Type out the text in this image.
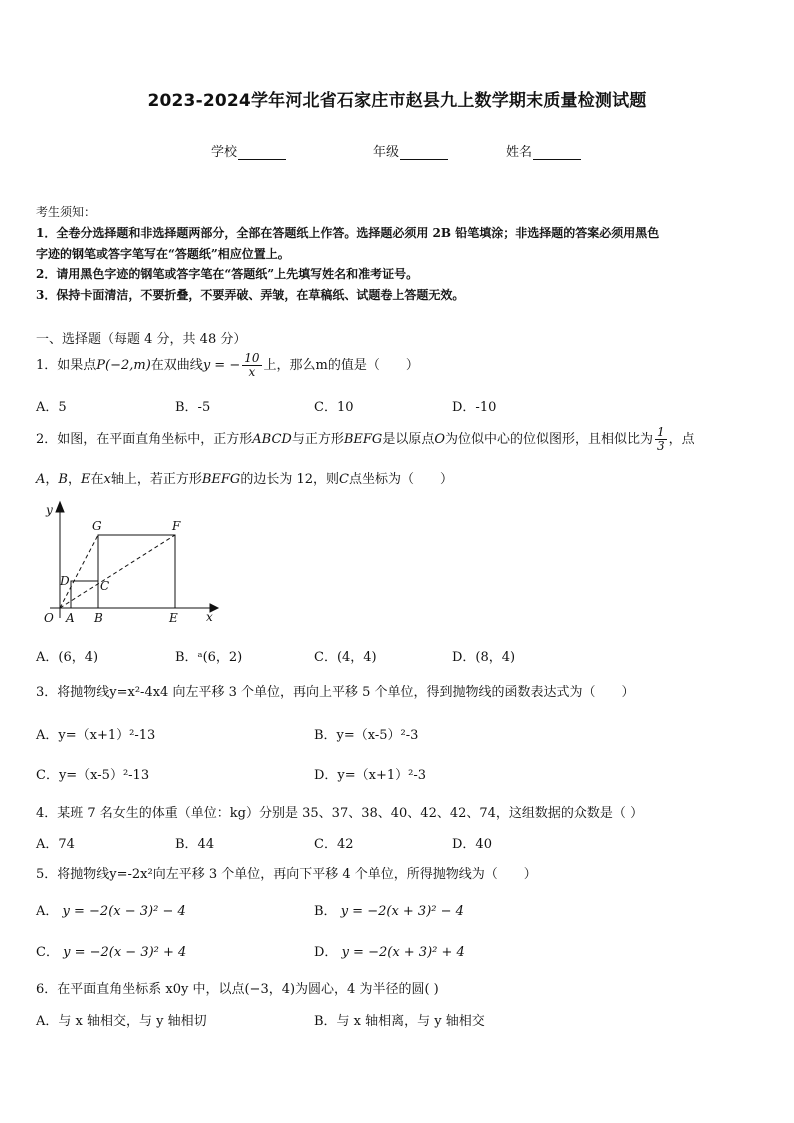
2023-2024学年河北省石家庄市赵县九上数学期末质量检测试题
学校	年级	姓名
考生须知：
1．全卷分选择题和非选择题两部分，全部在答题纸上作答。选择题必须用 2B 铅笔填涂；非选择题的答案必须用黑色
字迹的钢笔或答字笔写在“答题纸”相应位置上。
2．请用黑色字迹的钢笔或答字笔在“答题纸”上先填写姓名和准考证号。
3．保持卡面清洁，不要折叠，不要弄破、弄皱，在草稿纸、试题卷上答题无效。
一、选择题（每题 4 分，共 48 分）
1．如果点P(−2,m)在双曲线y = − $\frac{10}{x}$ 上，那么m的值是（　　）
A．5	B．-5	C．10	D．-10
2．如图，在平面直角坐标中，正方形ABCD与正方形BEFG是以原点O为位似中心的位似图形，且相似比为 $\frac{1}{3}$ ，点
A，B，E在x轴上，若正方形BEFG的边长为 12，则C点坐标为（　　）
y
x
O A B	E
G	F
D	C
A．(6，4)	B．ᵃ(6，2)	C．(4，4)	D．(8，4)
3．将抛物线y=x²-4x4 向左平移 3 个单位，再向上平移 5 个单位，得到抛物线的函数表达式为（　　）
A．y=（x+1）²-13	B．y=（x-5）²-3
C．y=（x-5）²-13	D．y=（x+1）²-3
4．某班 7 名女生的体重（单位：kg）分别是 35、37、38、40、42、42、74，这组数据的众数是（ ）
A．74	B．44	C．42	D．40
5．将抛物线y=-2x²向左平移 3 个单位，再向下平移 4 个单位，所得抛物线为（　　）
A． y = −2(x − 3)² − 4	B． y = −2(x + 3)² − 4
C． y = −2(x − 3)² + 4	D． y = −2(x + 3)² + 4
6．在平面直角坐标系 x0y 中，以点(−3，4)为圆心，4 为半径的圆( )
A．与 x 轴相交，与 y 轴相切	B．与 x 轴相离，与 y 轴相交
